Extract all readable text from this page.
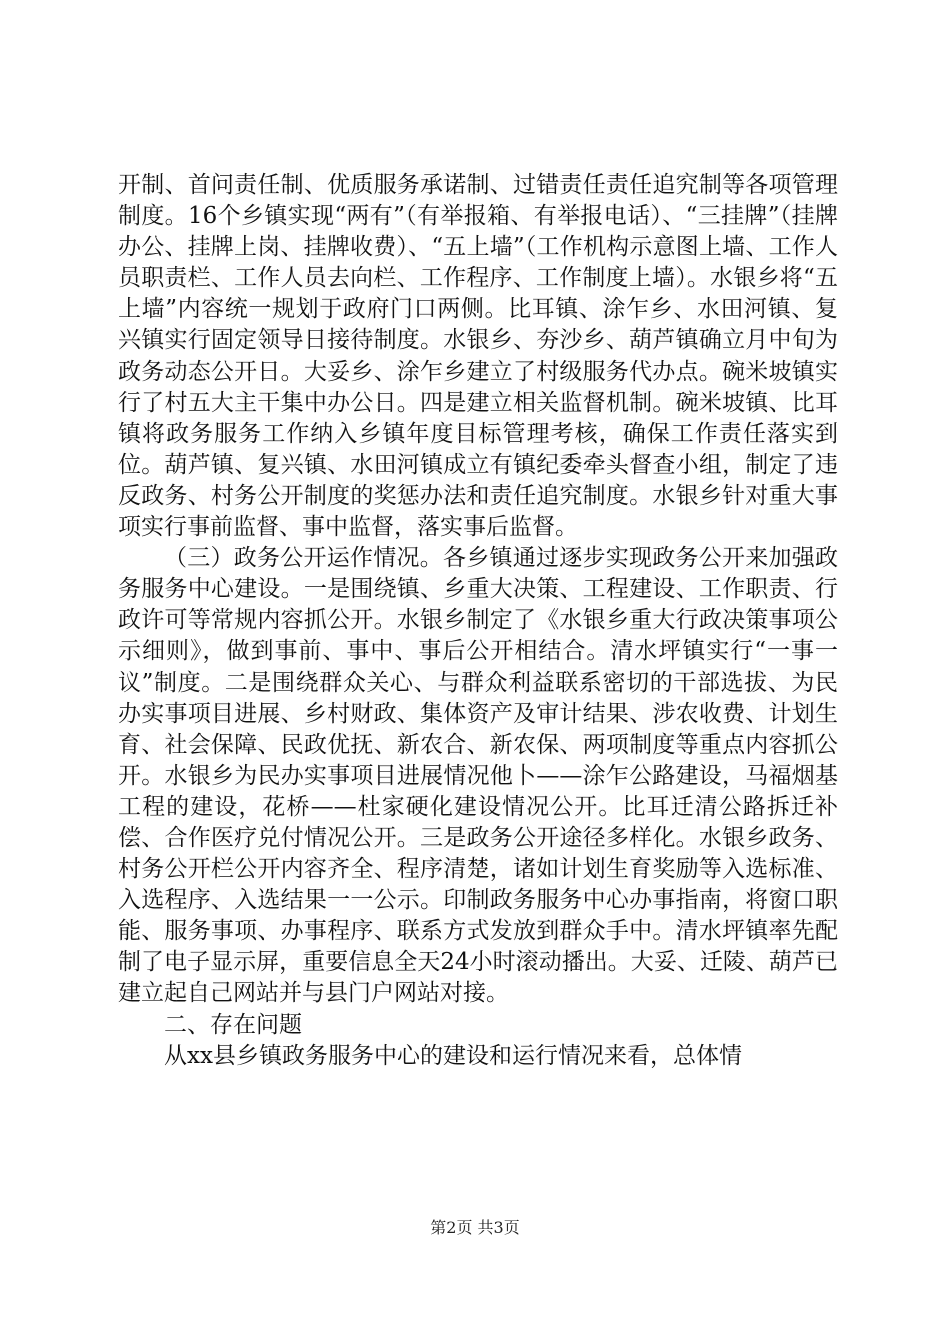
开制、首问责任制、优质服务承诺制、过错责任责任追究制等各项管理制度。16个乡镇实现“两有”（有举报箱、有举报电话）、“三挂牌”（挂牌办公、挂牌上岗、挂牌收费）、“五上墙”（工作机构示意图上墙、工作人员职责栏、工作人员去向栏、工作程序、工作制度上墙）。水银乡将“五上墙”内容统一规划于政府门口两侧。比耳镇、涂乍乡、水田河镇、复兴镇实行固定领导日接待制度。水银乡、夯沙乡、葫芦镇确立月中旬为政务动态公开日。大妥乡、涂乍乡建立了村级服务代办点。碗米坡镇实行了村五大主干集中办公日。四是建立相关监督机制。碗米坡镇、比耳镇将政务服务工作纳入乡镇年度目标管理考核，确保工作责任落实到位。葫芦镇、复兴镇、水田河镇成立有镇纪委牵头督查小组，制定了违反政务、村务公开制度的奖惩办法和责任追究制度。水银乡针对重大事项实行事前监督、事中监督，落实事后监督。

（三）政务公开运作情况。各乡镇通过逐步实现政务公开来加强政务服务中心建设。一是围绕镇、乡重大决策、工程建设、工作职责、行政许可等常规内容抓公开。水银乡制定了《水银乡重大行政决策事项公示细则》，做到事前、事中、事后公开相结合。清水坪镇实行“一事一议”制度。二是围绕群众关心、与群众利益联系密切的干部选拔、为民办实事项目进展、乡村财政、集体资产及审计结果、涉农收费、计划生育、社会保障、民政优抚、新农合、新农保、两项制度等重点内容抓公开。水银乡为民办实事项目进展情况他卜——涂乍公路建设，马福烟基工程的建设，花桥——杜家硬化建设情况公开。比耳迁清公路拆迁补偿、合作医疗兑付情况公开。三是政务公开途径多样化。水银乡政务、村务公开栏公开内容齐全、程序清楚，诸如计划生育奖励等入选标准、入选程序、入选结果一一公示。印制政务服务中心办事指南，将窗口职能、服务事项、办事程序、联系方式发放到群众手中。清水坪镇率先配制了电子显示屏，重要信息全天24小时滚动播出。大妥、迁陵、葫芦已建立起自己网站并与县门户网站对接。

二、存在问题

从xx县乡镇政务服务中心的建设和运行情况来看，总体情

第2页 共3页
